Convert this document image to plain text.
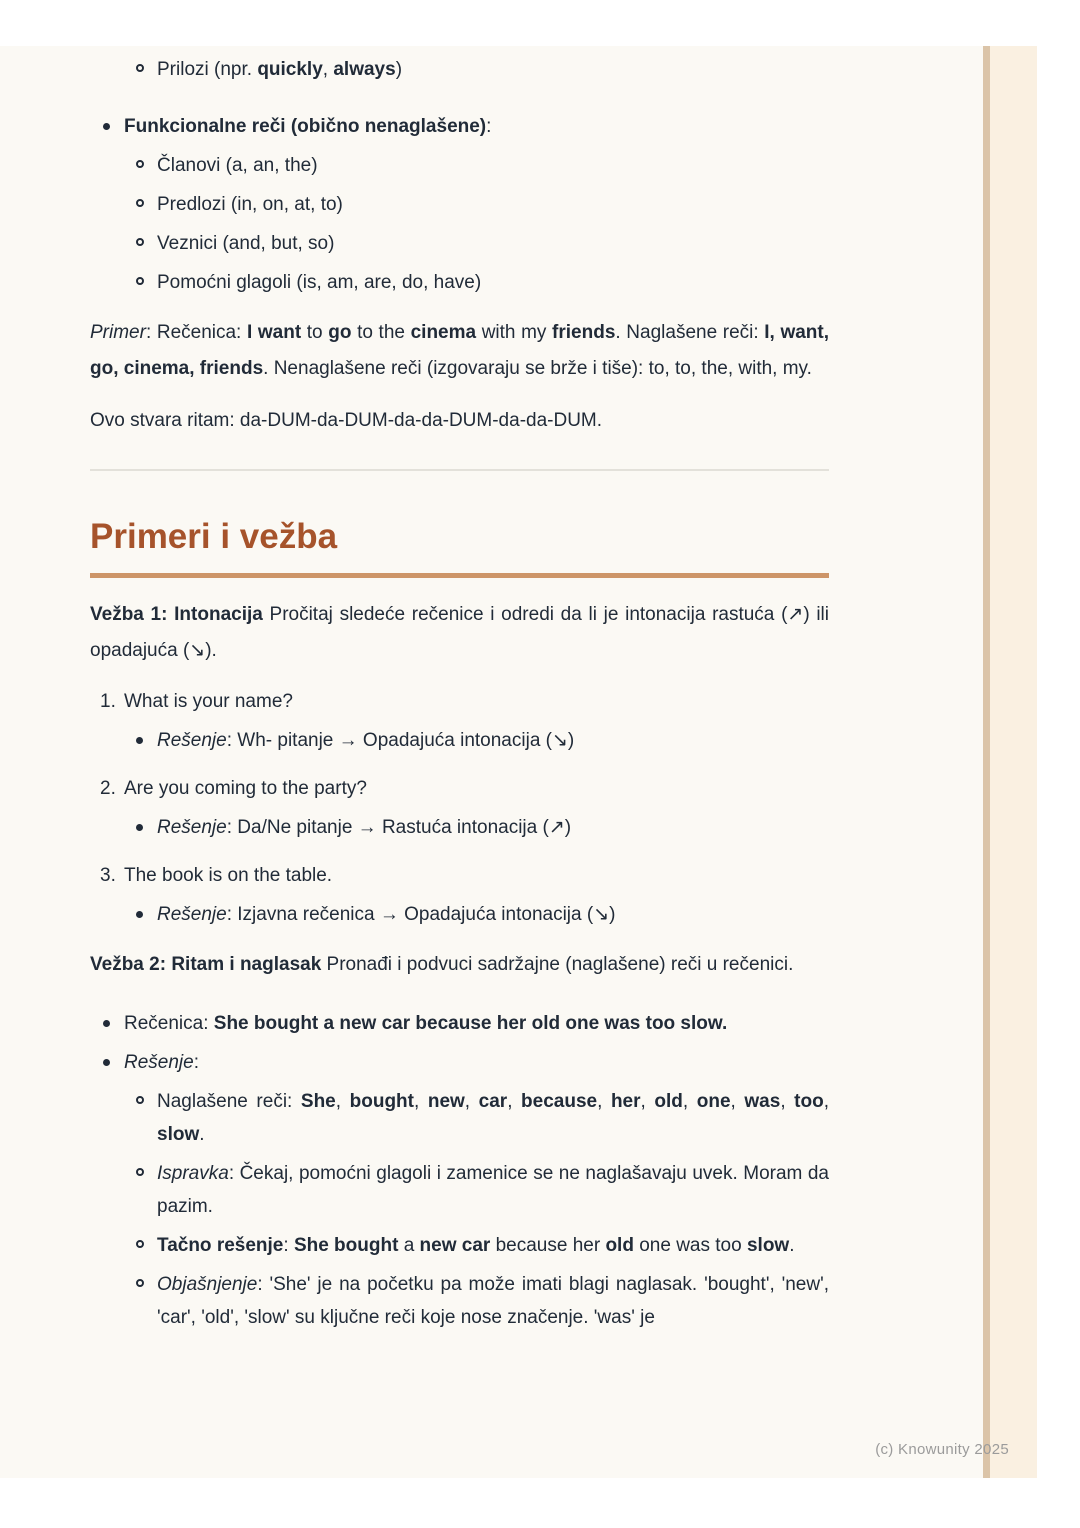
Prilozi (npr. quickly, always)
Funkcionalne reči (obično nenaglašene):
Članovi (a, an, the)
Predlozi (in, on, at, to)
Veznici (and, but, so)
Pomoćni glagoli (is, am, are, do, have)

Primer: Rečenica: I want to go to the cinema with my friends. Naglašene reči: I, want, go, cinema, friends. Nenaglašene reči (izgovaraju se brže i tiše): to, to, the, with, my.

Ovo stvara ritam: da-DUM-da-DUM-da-da-DUM-da-da-DUM.

Primeri i vežba

Vežba 1: Intonacija Pročitaj sledeće rečenice i odredi da li je intonacija rastuća (↗) ili opadajuća (↘).

1. What is your name?
Rešenje: Wh- pitanje → Opadajuća intonacija (↘)
2. Are you coming to the party?
Rešenje: Da/Ne pitanje → Rastuća intonacija (↗)
3. The book is on the table.
Rešenje: Izjavna rečenica → Opadajuća intonacija (↘)

Vežba 2: Ritam i naglasak Pronađi i podvuci sadržajne (naglašene) reči u rečenici.

Rečenica: She bought a new car because her old one was too slow.
Rešenje:
Naglašene reči: She, bought, new, car, because, her, old, one, was, too, slow.
Ispravka: Čekaj, pomoćni glagoli i zamenice se ne naglašavaju uvek. Moram da pazim.
Tačno rešenje: She bought a new car because her old one was too slow.
Objašnjenje: 'She' je na početku pa može imati blagi naglasak. 'bought', 'new', 'car', 'old', 'slow' su ključne reči koje nose značenje. 'was' je
(c) Knowunity 2025
